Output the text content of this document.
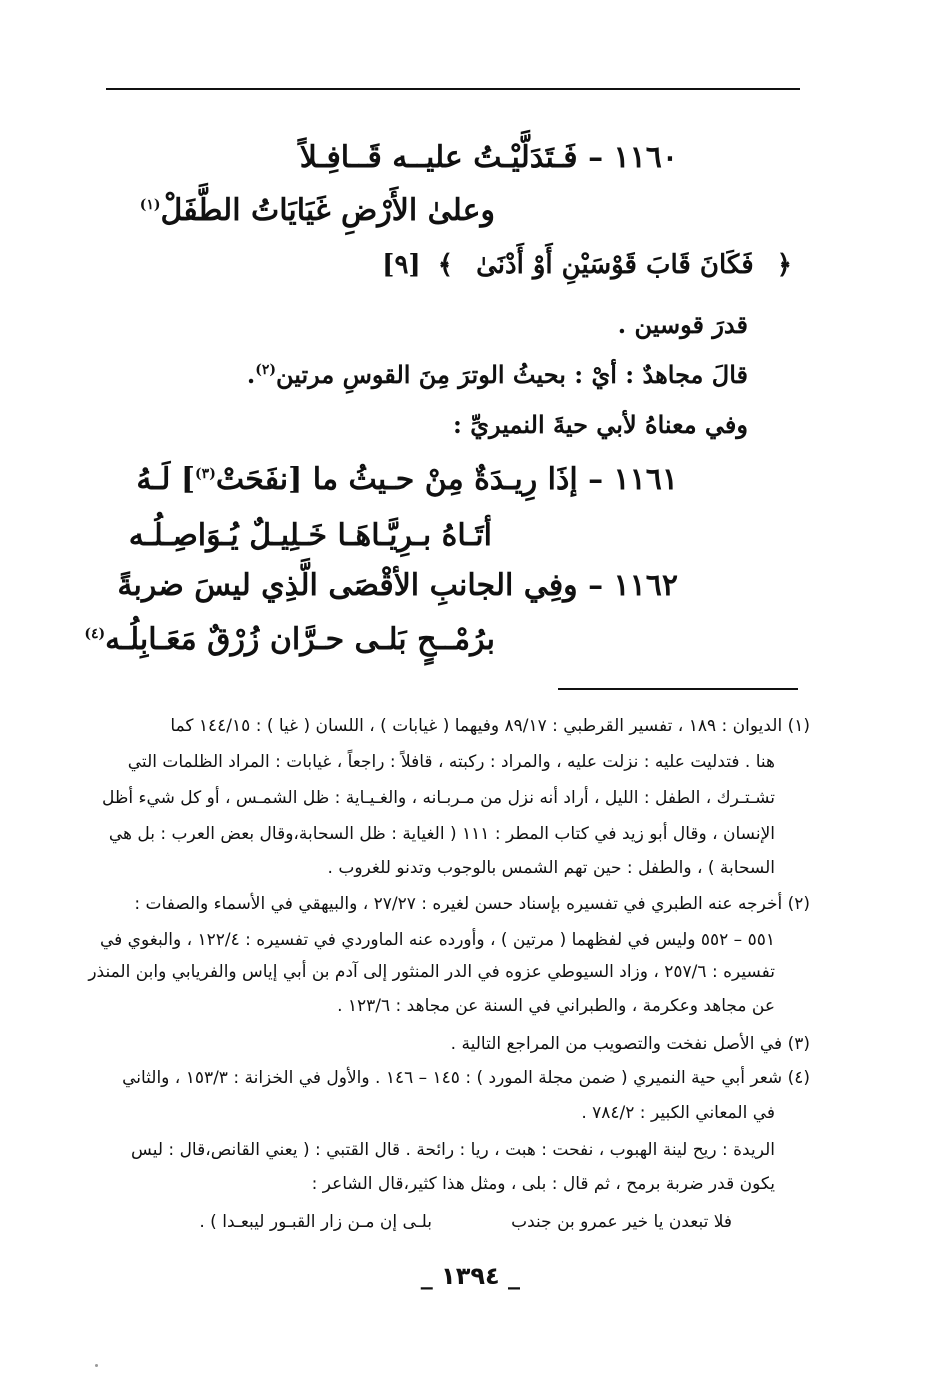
١١٦٠ – فَـتَدَلَّيْـتُ عليــه قَــافِـلاً
وعلىٰ الأَرْضِ غَيَايَاتُ الطَّفَلْ$^{(١)}$
﴿ فَكَانَ قَابَ قَوْسَيْنِ أَوْ أَدْنَىٰ ﴾ [٩]
قدرَ قوسين .
قالَ مجاهدٌ : أيْ : بحيثُ الوترَ مِنَ القوسِ مرتين$^{(٢)}$.
وفي معناهُ لأبي حيةَ النميريِّ :
١١٦١ – إذَا رِيـدَةٌ مِنْ حـيثُ ما [نفَحَتْ$^{(٣)}$] لَـهُ
أتَـاهُ بـرِيَّـاهَـا خَـلِيـلٌ يُـوَاصِـلُـه
١١٦٢ – وفِي الجانبِ الأقْصَى الَّذِي ليسَ ضربةً
برُمْــحٍ بَلـى حـرَّان زُرْقٌ مَعَـابِلُـه$^{(٤)}$
(١) الديوان : ١٨٩ ، تفسير القرطبي : ٨٩/١٧ وفيهما ( غيابات ) ، اللسان ( غيا ) : ١٤٤/١٥ كما
هنا . فتدليت عليه : نزلت عليه ، والمراد : ركبته ، قافلاً : راجعاً ، غيابات : المراد الظلمات التي
تشـتـرك ، الطفل : الليل ، أراد أنه نزل من مـربـانه ، والغـيـاية : ظل الشمـس ، أو كل شيء أظل
الإنسان ، وقال أبو زيد في كتاب المطر : ١١١ ( الغياية : ظل السحابة،وقال بعض العرب : بل هي
السحابة ) ، والطفل : حين تهم الشمس بالوجوب وتدنو للغروب .
(٢) أخرجه عنه الطبري في تفسيره بإسناد حسن لغيره : ٢٧/٢٧ ، والبيهقي في الأسماء والصفات :
٥٥١ – ٥٥٢ وليس في لفظهما ( مرتين ) ، وأورده عنه الماوردي في تفسيره : ١٢٢/٤ ، والبغوي في
تفسيره : ٢٥٧/٦ ، وزاد السيوطي عزوه في الدر المنثور إلى آدم بن أبي إياس والفريابي وابن المنذر
عن مجاهد وعكرمة ، والطبراني في السنة عن مجاهد : ١٢٣/٦ .
(٣) في الأصل نفخت والتصويب من المراجع التالية .
(٤) شعر أبي حية النميري ( ضمن مجلة المورد ) : ١٤٥ – ١٤٦ . والأول في الخزانة : ١٥٣/٣ ، والثاني
في المعاني الكبير : ٧٨٤/٢ .
الريدة : ريح لينة الهبوب ، نفحت : هبت ، ريا : رائحة . قال القتبي : ( يعني القانص،قال : ليس
يكون قدر ضربة برمح ، ثم قال : بلى ، ومثل هذا كثير،قال الشاعر :
فلا تبعدن يا خير عمرو بن جندب
بلـى إن مـن زار القبـور ليبعـدا ) .
_ ١٣٩٤ _
